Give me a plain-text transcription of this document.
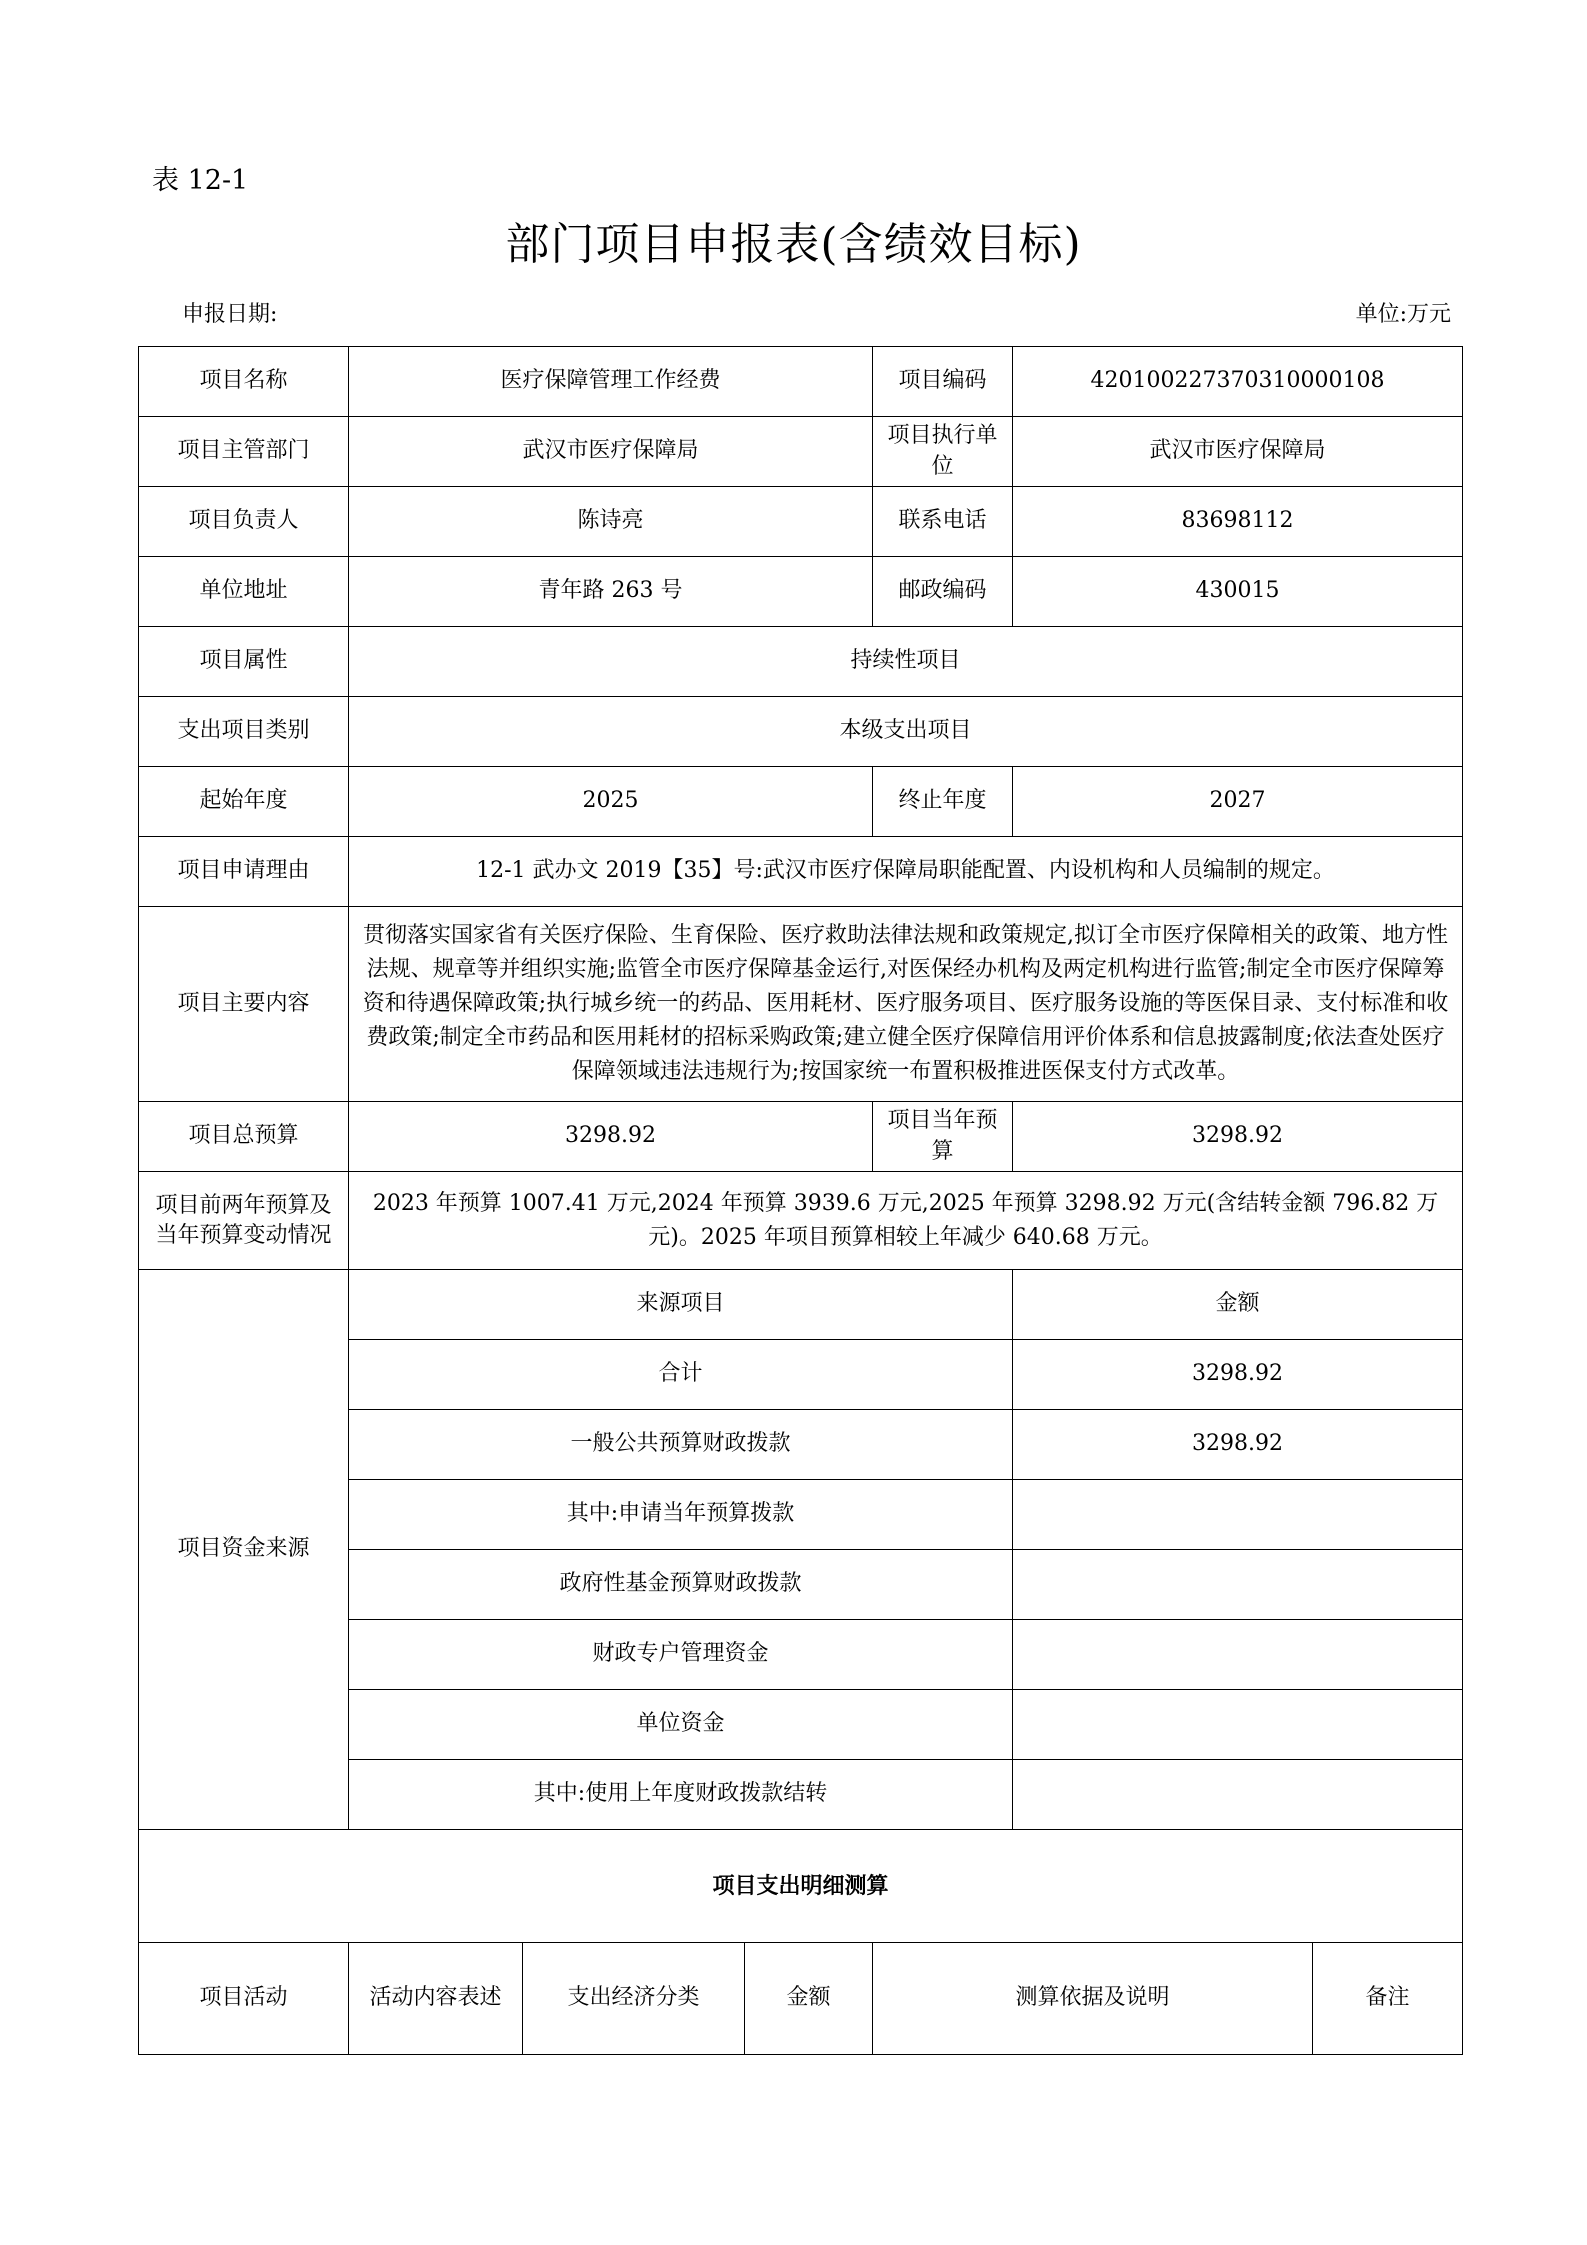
表 12-1
部门项目申报表(含绩效目标)
申报日期:	单位:万元
项目名称	医疗保障管理工作经费			项目编码	420100227370310000108	
项目主管部门	武汉市医疗保障局			项目执行单位	武汉市医疗保障局	
项目负责人	陈诗亮			联系电话	83698112	
单位地址	青年路 263 号			邮政编码	430015	
项目属性	持续性项目					
支出项目类别	本级支出项目					
起始年度	2025			终止年度	2027	
项目申请理由	12-1 武办文 2019【35】号:武汉市医疗保障局职能配置、内设机构和人员编制的规定。					
项目主要内容	贯彻落实国家省有关医疗保险、生育保险、医疗救助法律法规和政策规定,拟订全市医疗保障相关的政策、地方性法规、规章等并组织实施;监管全市医疗保障基金运行,对医保经办机构及两定机构进行监管;制定全市医疗保障筹资和待遇保障政策;执行城乡统一的药品、医用耗材、医疗服务项目、医疗服务设施的等医保目录、支付标准和收费政策;制定全市药品和医用耗材的招标采购政策;建立健全医疗保障信用评价体系和信息披露制度;依法查处医疗保障领域违法违规行为;按国家统一布置积极推进医保支付方式改革。					
项目总预算	3298.92			项目当年预算	3298.92	
项目前两年预算及当年预算变动情况	2023 年预算 1007.41 万元,2024 年预算 3939.6 万元,2025 年预算 3298.92 万元(含结转金额 796.82 万元)。2025 年项目预算相较上年减少 640.68 万元。					
项目资金来源	来源项目				金额	
	合计				3298.92	
	一般公共预算财政拨款				3298.92	
	其中:申请当年预算拨款					
	政府性基金预算财政拨款					
	财政专户管理资金					
	单位资金					
	其中:使用上年度财政拨款结转					
项目支出明细测算						
项目活动	活动内容表述	支出经济分类	金额	测算依据及说明		备注
